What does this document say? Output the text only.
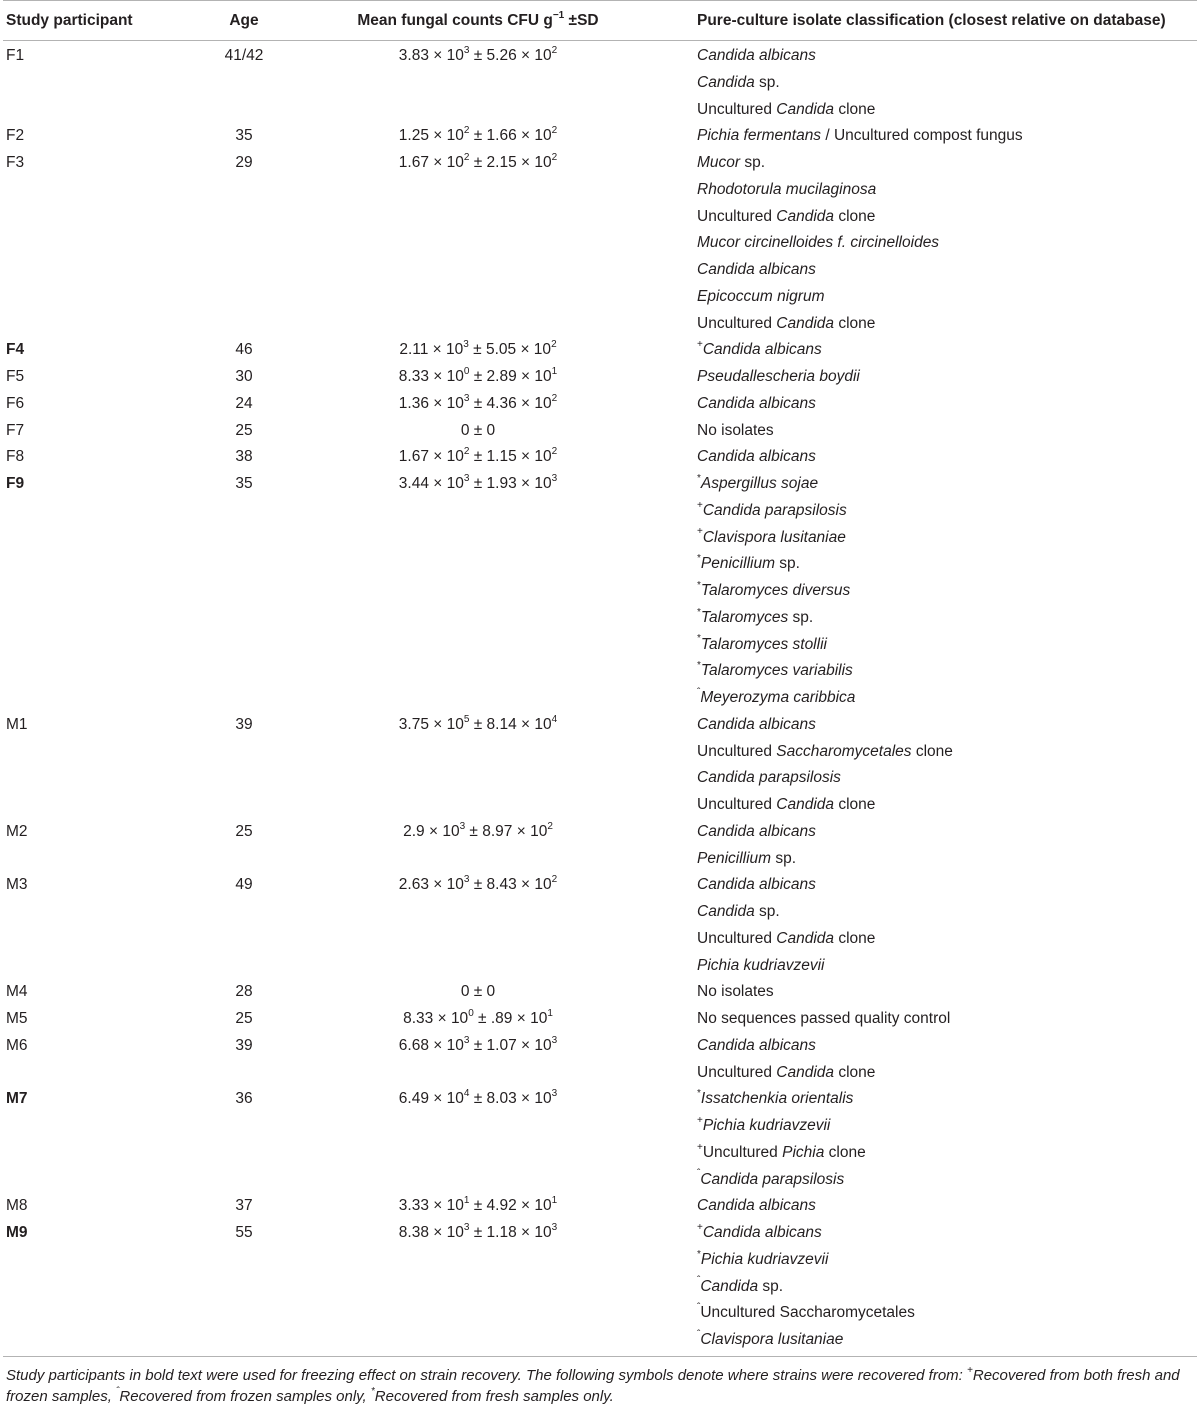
Study participant	Age	Mean fungal counts CFU $g^{-1} \pm SD$	Pure-culture isolate classification (closest relative on database)
F1	41/42	$3.83 \times 10^3 \pm 5.26 \times 10^2$	Candida albicans
Candida sp.
Uncultured Candida clone
F2	35	$1.25 \times 10^2 \pm 1.66 \times 10^2$	Pichia fermentans / Uncultured compost fungus
F3	29	$1.67 \times 10^2 \pm 2.15 \times 10^2$	Mucor sp.
Rhodotorula mucilaginosa
Uncultured Candida clone
Mucor circinelloides f. circinelloides
Candida albicans
Epicoccum nigrum
Uncultured Candida clone
F4	46	$2.11 \times 10^3 \pm 5.05 \times 10^2$	+Candida albicans
F5	30	$8.33 \times 10^0 \pm 2.89 \times 10^1$	Pseudallescheria boydii
F6	24	$1.36 \times 10^3 \pm 4.36 \times 10^2$	Candida albicans
F7	25	0 ± 0	No isolates
F8	38	$1.67 \times 10^2 \pm 1.15 \times 10^2$	Candida albicans
F9	35	$3.44 \times 10^3 \pm 1.93 \times 10^3$	*Aspergillus sojae
+Candida parapsilosis
+Clavispora lusitaniae
*Penicillium sp.
*Talaromyces diversus
*Talaromyces sp.
*Talaromyces stollii
*Talaromyces variabilis
$^ˆ$Meyerozyma caribbica
M1	39	$3.75 \times 10^5 \pm 8.14 \times 10^4$	Candida albicans
Uncultured Saccharomycetales clone
Candida parapsilosis
Uncultured Candida clone
M2	25	$2.9 \times 10^3 \pm 8.97 \times 10^2$	Candida albicans
Penicillium sp.
M3	49	$2.63 \times 10^3 \pm 8.43 \times 10^2$	Candida albicans
Candida sp.
Uncultured Candida clone
Pichia kudriavzevii
M4	28	0 ± 0	No isolates
M5	25	$8.33 \times 10^0 \pm .89 \times 10^1$	No sequences passed quality control
M6	39	$6.68 \times 10^3 \pm 1.07 \times 10^3$	Candida albicans
Uncultured Candida clone
M7	36	$6.49 \times 10^4 \pm 8.03 \times 10^3$	*Issatchenkia orientalis
+Pichia kudriavzevii
+Uncultured Pichia clone
$^ˆ$Candida parapsilosis
M8	37	$3.33 \times 10^1 \pm 4.92 \times 10^1$	Candida albicans
M9	55	$8.38 \times 10^3 \pm 1.18 \times 10^3$	+Candida albicans
*Pichia kudriavzevii
$^ˆ$Candida sp.
$^ˆ$Uncultured Saccharomycetales
$^ˆ$Clavispora lusitaniae
Study participants in bold text were used for freezing effect on strain recovery. The following symbols denote where strains were recovered from: +Recovered from both fresh and frozen samples, $^ˆ$Recovered from frozen samples only, *Recovered from fresh samples only.
